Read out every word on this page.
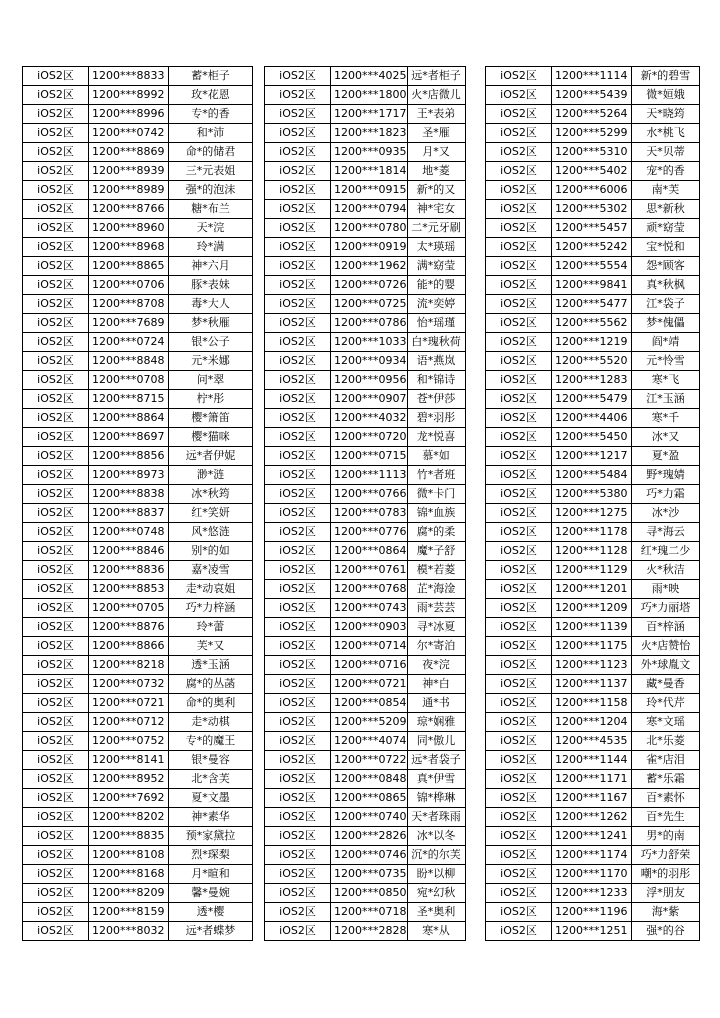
iOS2区	1200***8833	蓄*柜子
iOS2区	1200***8992	玫*花恩
iOS2区	1200***8996	专*的香
iOS2区	1200***0742	和*沛
iOS2区	1200***8869	命*的储君
iOS2区	1200***8939	三*元表姐
iOS2区	1200***8989	强*的泡沫
iOS2区	1200***8766	糖*布兰
iOS2区	1200***8960	天*浣
iOS2区	1200***8968	玲*满
iOS2区	1200***8865	神*六月
iOS2区	1200***0706	豚*表妹
iOS2区	1200***8708	毒*大人
iOS2区	1200***7689	梦*秋雁
iOS2区	1200***0724	银*公子
iOS2区	1200***8848	元*米娜
iOS2区	1200***0708	问*翠
iOS2区	1200***8715	柠*彤
iOS2区	1200***8864	樱*箫笛
iOS2区	1200***8697	樱*猫咪
iOS2区	1200***8856	远*者伊妮
iOS2区	1200***8973	渺*涟
iOS2区	1200***8838	冰*秋筠
iOS2区	1200***8837	红*笑妍
iOS2区	1200***0748	风*悠涟
iOS2区	1200***8846	别*的如
iOS2区	1200***8836	嘉*凌雪
iOS2区	1200***8853	走*动哀姐
iOS2区	1200***0705	巧*力梓涵
iOS2区	1200***8876	玲*蕾
iOS2区	1200***8866	芙*又
iOS2区	1200***8218	透*玉涵
iOS2区	1200***0732	腐*的丛菡
iOS2区	1200***0721	命*的奥利
iOS2区	1200***0712	走*动棋
iOS2区	1200***0752	专*的魔王
iOS2区	1200***8141	银*曼容
iOS2区	1200***8952	北*含芙
iOS2区	1200***7692	夏*文墨
iOS2区	1200***8202	神*素华
iOS2区	1200***8835	预*家黛拉
iOS2区	1200***8108	烈*琛梨
iOS2区	1200***8168	月*暄和
iOS2区	1200***8209	馨*曼婉
iOS2区	1200***8159	透*樱
iOS2区	1200***8032	远*者蝶梦
iOS2区	1200***4025	远*者柜子
iOS2区	1200***1800	火*店微儿
iOS2区	1200***1717	王*表弟
iOS2区	1200***1823	圣*雁
iOS2区	1200***0935	月*又
iOS2区	1200***1814	地*菱
iOS2区	1200***0915	新*的又
iOS2区	1200***0794	神*宅女
iOS2区	1200***0780	二*元牙刷
iOS2区	1200***0919	太*瑛瑶
iOS2区	1200***1962	满*窈莹
iOS2区	1200***0726	能*的婴
iOS2区	1200***0725	流*奕婷
iOS2区	1200***0786	怡*瑶瑾
iOS2区	1200***1033	白*瑰秋荷
iOS2区	1200***0934	语*燕岚
iOS2区	1200***0956	和*锦诗
iOS2区	1200***0907	苍*伊莎
iOS2区	1200***4032	碧*羽彤
iOS2区	1200***0720	龙*悦喜
iOS2区	1200***0715	慕*如
iOS2区	1200***1113	竹*者班
iOS2区	1200***0766	微*卡门
iOS2区	1200***0783	锦*血族
iOS2区	1200***0776	腐*的柔
iOS2区	1200***0864	魔*子舒
iOS2区	1200***0761	模*若菱
iOS2区	1200***0768	芷*海淦
iOS2区	1200***0743	雨*芸芸
iOS2区	1200***0903	寻*冰夏
iOS2区	1200***0714	尔*寄泊
iOS2区	1200***0716	夜*浣
iOS2区	1200***0721	神*白
iOS2区	1200***0854	通*书
iOS2区	1200***5209	琼*娴雅
iOS2区	1200***4074	同*傲儿
iOS2区	1200***0722	远*者袋子
iOS2区	1200***0848	真*伊雪
iOS2区	1200***0865	锦*桦琳
iOS2区	1200***0740	天*者珠雨
iOS2区	1200***2826	冰*以冬
iOS2区	1200***0746	沉*的尔芙
iOS2区	1200***0735	盼*以柳
iOS2区	1200***0850	宛*幻秋
iOS2区	1200***0718	圣*奥利
iOS2区	1200***2828	寒*从
iOS2区	1200***1114	新*的碧雪
iOS2区	1200***5439	微*姮娥
iOS2区	1200***5264	天*晓筠
iOS2区	1200***5299	水*桃飞
iOS2区	1200***5310	天*贝蒂
iOS2区	1200***5402	宠*的香
iOS2区	1200***6006	南*芙
iOS2区	1200***5302	思*新秋
iOS2区	1200***5457	顽*窈莹
iOS2区	1200***5242	宝*悦和
iOS2区	1200***5554	怨*顾客
iOS2区	1200***9841	真*秋枫
iOS2区	1200***5477	江*袋子
iOS2区	1200***5562	梦*傀儡
iOS2区	1200***1219	阎*靖
iOS2区	1200***5520	元*怜雪
iOS2区	1200***1283	寒*飞
iOS2区	1200***5479	江*玉涵
iOS2区	1200***4406	寒*千
iOS2区	1200***5450	冰*又
iOS2区	1200***1217	夏*盈
iOS2区	1200***5484	野*瑰婧
iOS2区	1200***5380	巧*力霜
iOS2区	1200***1275	冰*沙
iOS2区	1200***1178	寻*海云
iOS2区	1200***1128	红*瑰二少
iOS2区	1200***1129	火*秋洁
iOS2区	1200***1201	雨*映
iOS2区	1200***1209	巧*力丽塔
iOS2区	1200***1139	百*梓涵
iOS2区	1200***1175	火*店赞怡
iOS2区	1200***1123	外*球胤文
iOS2区	1200***1137	藏*曼香
iOS2区	1200***1158	玲*代芹
iOS2区	1200***1204	寒*文瑶
iOS2区	1200***4535	北*乐菱
iOS2区	1200***1144	雀*店泪
iOS2区	1200***1171	蓄*乐霜
iOS2区	1200***1167	百*素怀
iOS2区	1200***1262	百*先生
iOS2区	1200***1241	男*的南
iOS2区	1200***1174	巧*力舒荣
iOS2区	1200***1170	嘲*的羽彤
iOS2区	1200***1233	浮*朋友
iOS2区	1200***1196	海*紫
iOS2区	1200***1251	强*的谷
